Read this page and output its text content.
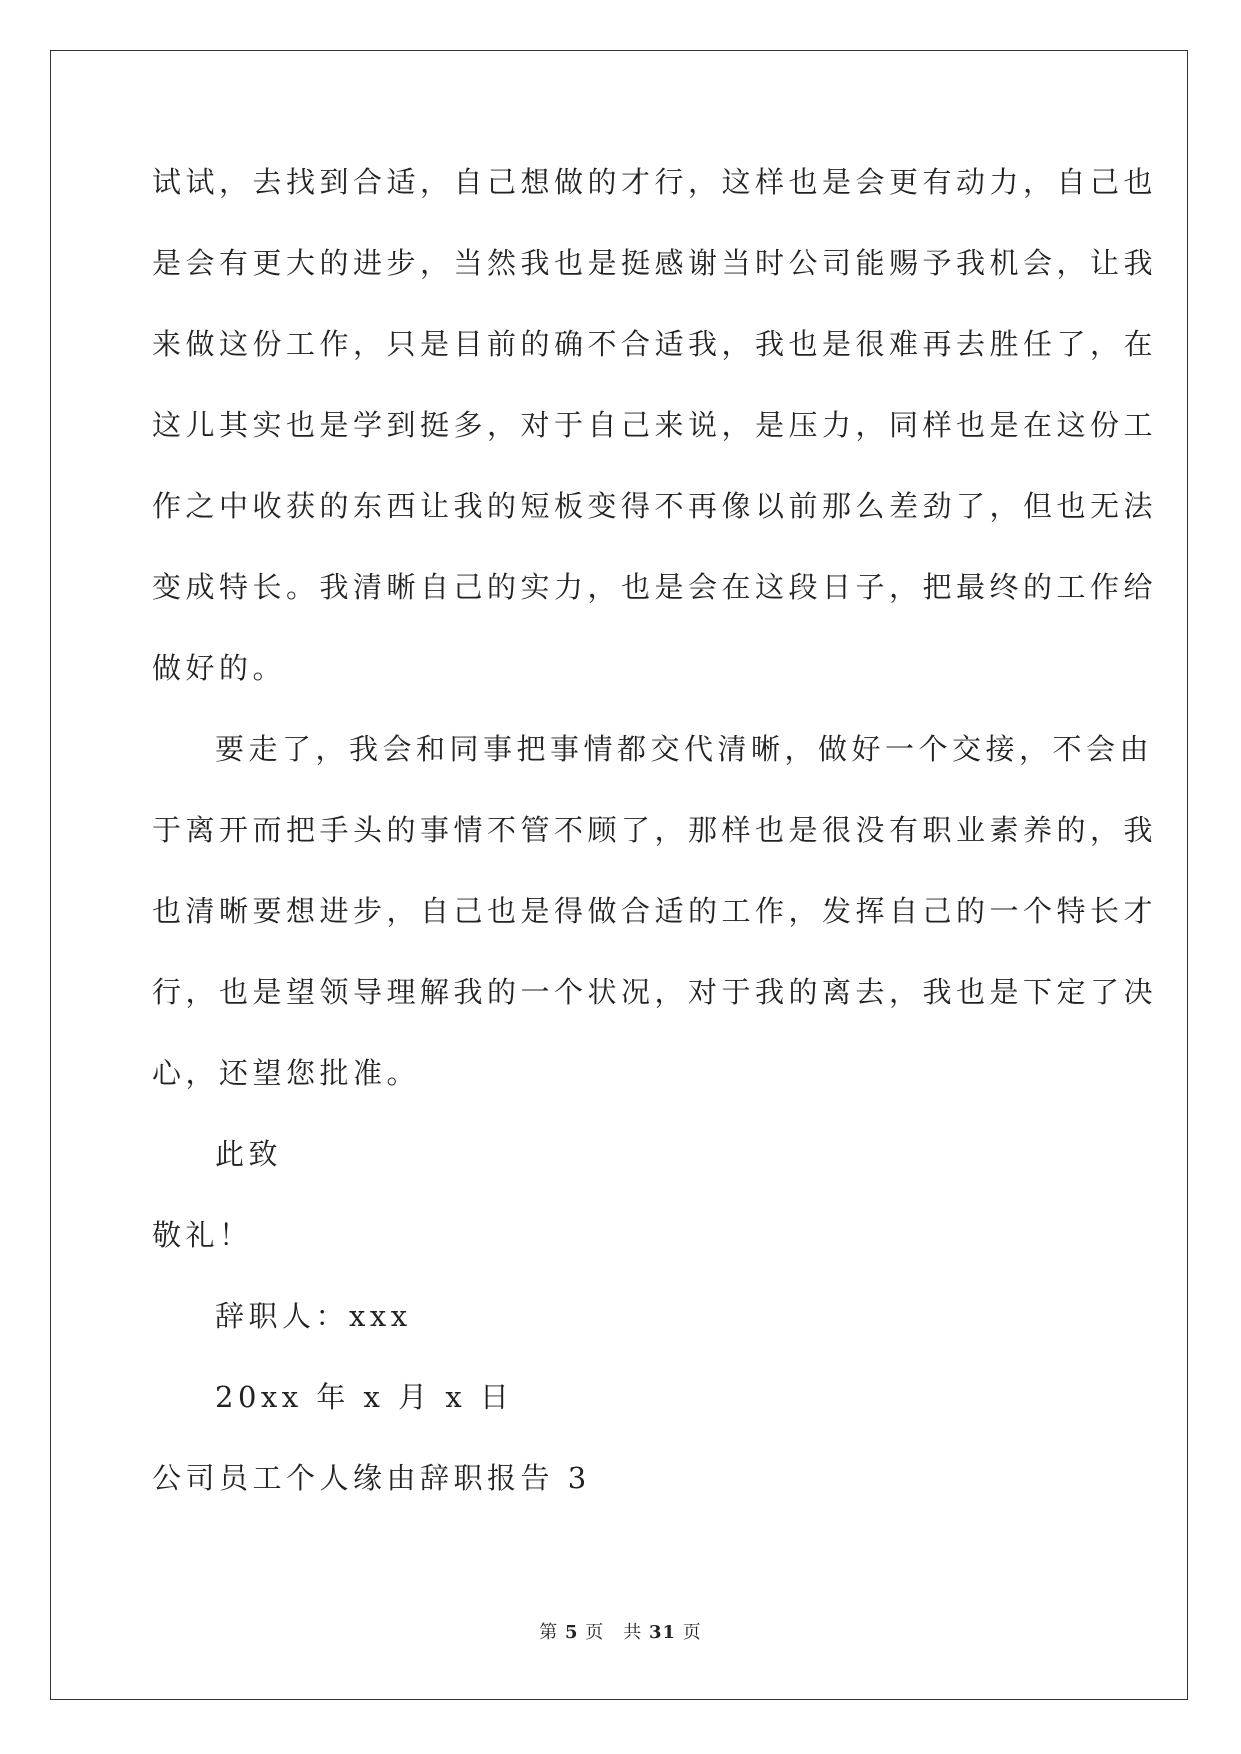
试试，去找到合适，自己想做的才行，这样也是会更有动力，自己也
是会有更大的进步，当然我也是挺感谢当时公司能赐予我机会，让我
来做这份工作，只是目前的确不合适我，我也是很难再去胜任了，在
这儿其实也是学到挺多，对于自己来说，是压力，同样也是在这份工
作之中收获的东西让我的短板变得不再像以前那么差劲了，但也无法
变成特长。我清晰自己的实力，也是会在这段日子，把最终的工作给
做好的。
要走了，我会和同事把事情都交代清晰，做好一个交接，不会由
于离开而把手头的事情不管不顾了，那样也是很没有职业素养的，我
也清晰要想进步，自己也是得做合适的工作，发挥自己的一个特长才
行，也是望领导理解我的一个状况，对于我的离去，我也是下定了决
心，还望您批准。
此致
敬礼！
辞职人：xxx
20xx 年 x 月 x 日
公司员工个人缘由辞职报告 3
第 5 页　共 31 页
